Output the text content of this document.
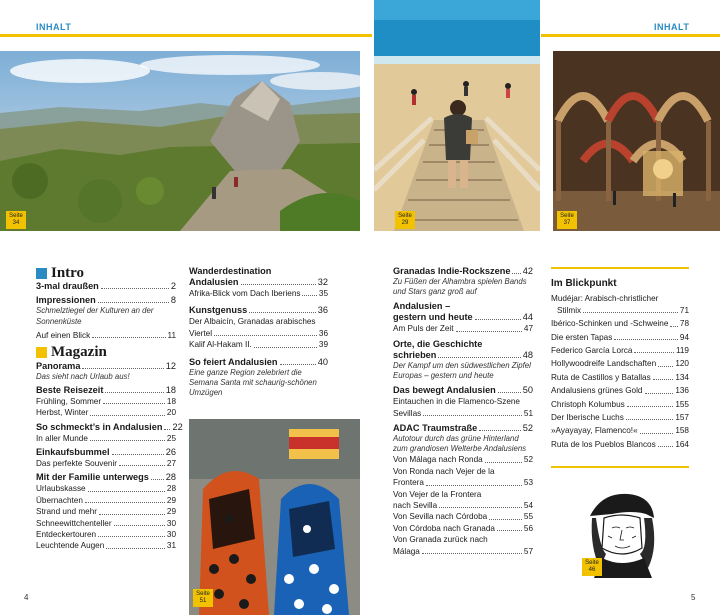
INHALT	INHALT
Seite
34
Seite
29
Seite
37
Seite
51
Seite
46
Intro
3-mal draußen	2
Impressionen	8
Schmelztiegel der Kulturen an der Sonnenküste
Auf einen Blick	11
Magazin
Panorama	12
Das sieht nach Urlaub aus!
Beste Reisezeit	18
Frühling, Sommer	18
Herbst, Winter	20
So schmeckt’s in Andalusien 22
In aller Munde	25
Einkaufsbummel	26
Das perfekte Souvenir	27
Mit der Familie unterwegs 28
Urlaubskasse	28
Übernachten	29
Strand und mehr	29
Schneewittchenteller	30
Entdeckertouren	30
Leuchtende Augen	31
Wanderdestination
Andalusien	32
Afrika-Blick vom Dach Iberiens 35
Kunstgenuss	36
Der Albaicín, Granadas arabisches
Viertel	36
Kalif Al-Hakam II.	39
So feiert Andalusien	40
Eine ganze Region zelebriert die Semana Santa mit schaurig-schönen Umzügen
Granadas Indie-Rockszene 42
Zu Füßen der Alhambra spielen Bands und Stars ganz groß auf
Andalusien –
gestern und heute	44
Am Puls der Zeit	47
Orte, die Geschichte
schrieben	48
Der Kampf um den südwestlichen Zipfel Europas – gestern und heute
Das bewegt Andalusien	50
Eintauchen in die Flamenco-Szene
Sevillas	51
ADAC Traumstraße	52
Autotour durch das grüne Hinterland zum grandiosen Welterbe Andalusiens
Von Málaga nach Ronda	52
Von Ronda nach Vejer de la
Frontera	53
Von Vejer de la Frontera
nach Sevilla	54
Von Sevilla nach Córdoba	55
Von Córdoba nach Granada	56
Von Granada zurück nach
Málaga	57
Im Blickpunkt
Mudéjar: Arabisch-christlicher
Stilmix	71
Ibérico-Schinken und -Schweine 78
Die ersten Tapas	94
Federico García Lorca	119
Hollywoodreife Landschaften 120
Ruta de Castillos y Batallas	134
Andalusiens grünes Gold	136
Christoph Kolumbus	155
Der Iberische Luchs	157
»Ayayayay, Flamenco!«	158
Ruta de los Pueblos Blancos 164
4	5
